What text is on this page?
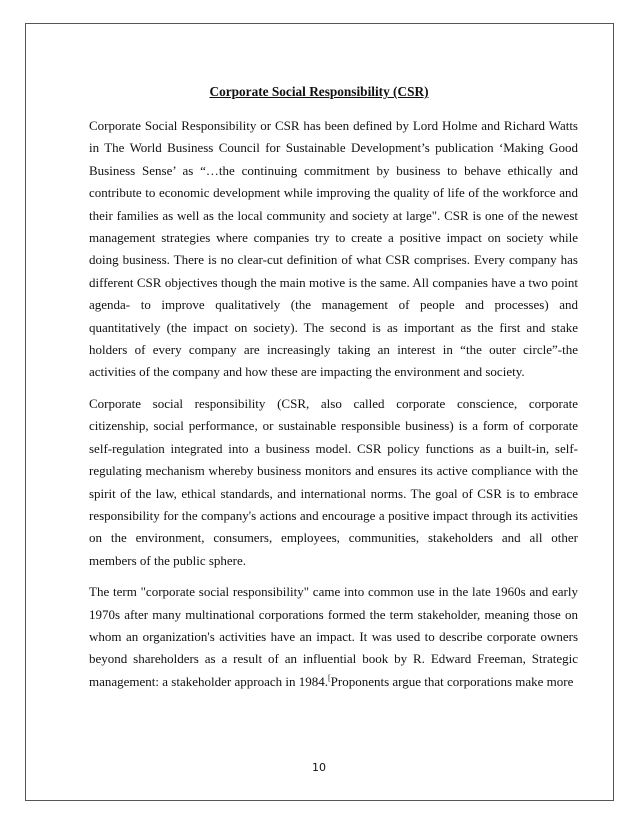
Corporate Social Responsibility (CSR)

Corporate Social Responsibility or CSR has been defined by Lord Holme and Richard Watts in The World Business Council for Sustainable Development’s publication ‘Making Good Business Sense’ as “…the continuing commitment by business to behave ethically and contribute to economic development while improving the quality of life of the workforce and their families as well as the local community and society at large". CSR is one of the newest management strategies where companies try to create a positive impact on society while doing business. There is no clear-cut definition of what CSR comprises. Every company has different CSR objectives though the main motive is the same. All companies have a two point agenda- to improve qualitatively (the management of people and processes) and quantitatively (the impact on society). The second is as important as the first and stake holders of every company are increasingly taking an interest in “the outer circle”-the activities of the company and how these are impacting the environment and society.

Corporate social responsibility (CSR, also called corporate conscience, corporate

citizenship, social performance, or sustainable responsible business) is a form of corporate self-regulation integrated into a business model. CSR policy functions as a built-in, self-regulating mechanism whereby business monitors and ensures its active compliance with the spirit of the law, ethical standards, and international norms. The goal of CSR is to embrace responsibility for the company's actions and encourage a positive impact through its activities on the environment, consumers, employees, communities, stakeholders and all other members of the public sphere.

The term "corporate social responsibility" came into common use in the late 1960s and early 1970s after many multinational corporations formed the term stakeholder, meaning those on whom an organization's activities have an impact. It was used to describe corporate owners beyond shareholders as a result of an influential book by R. Edward Freeman, Strategic management: a stakeholder approach in 1984.[Proponents argue that corporations make more

10
